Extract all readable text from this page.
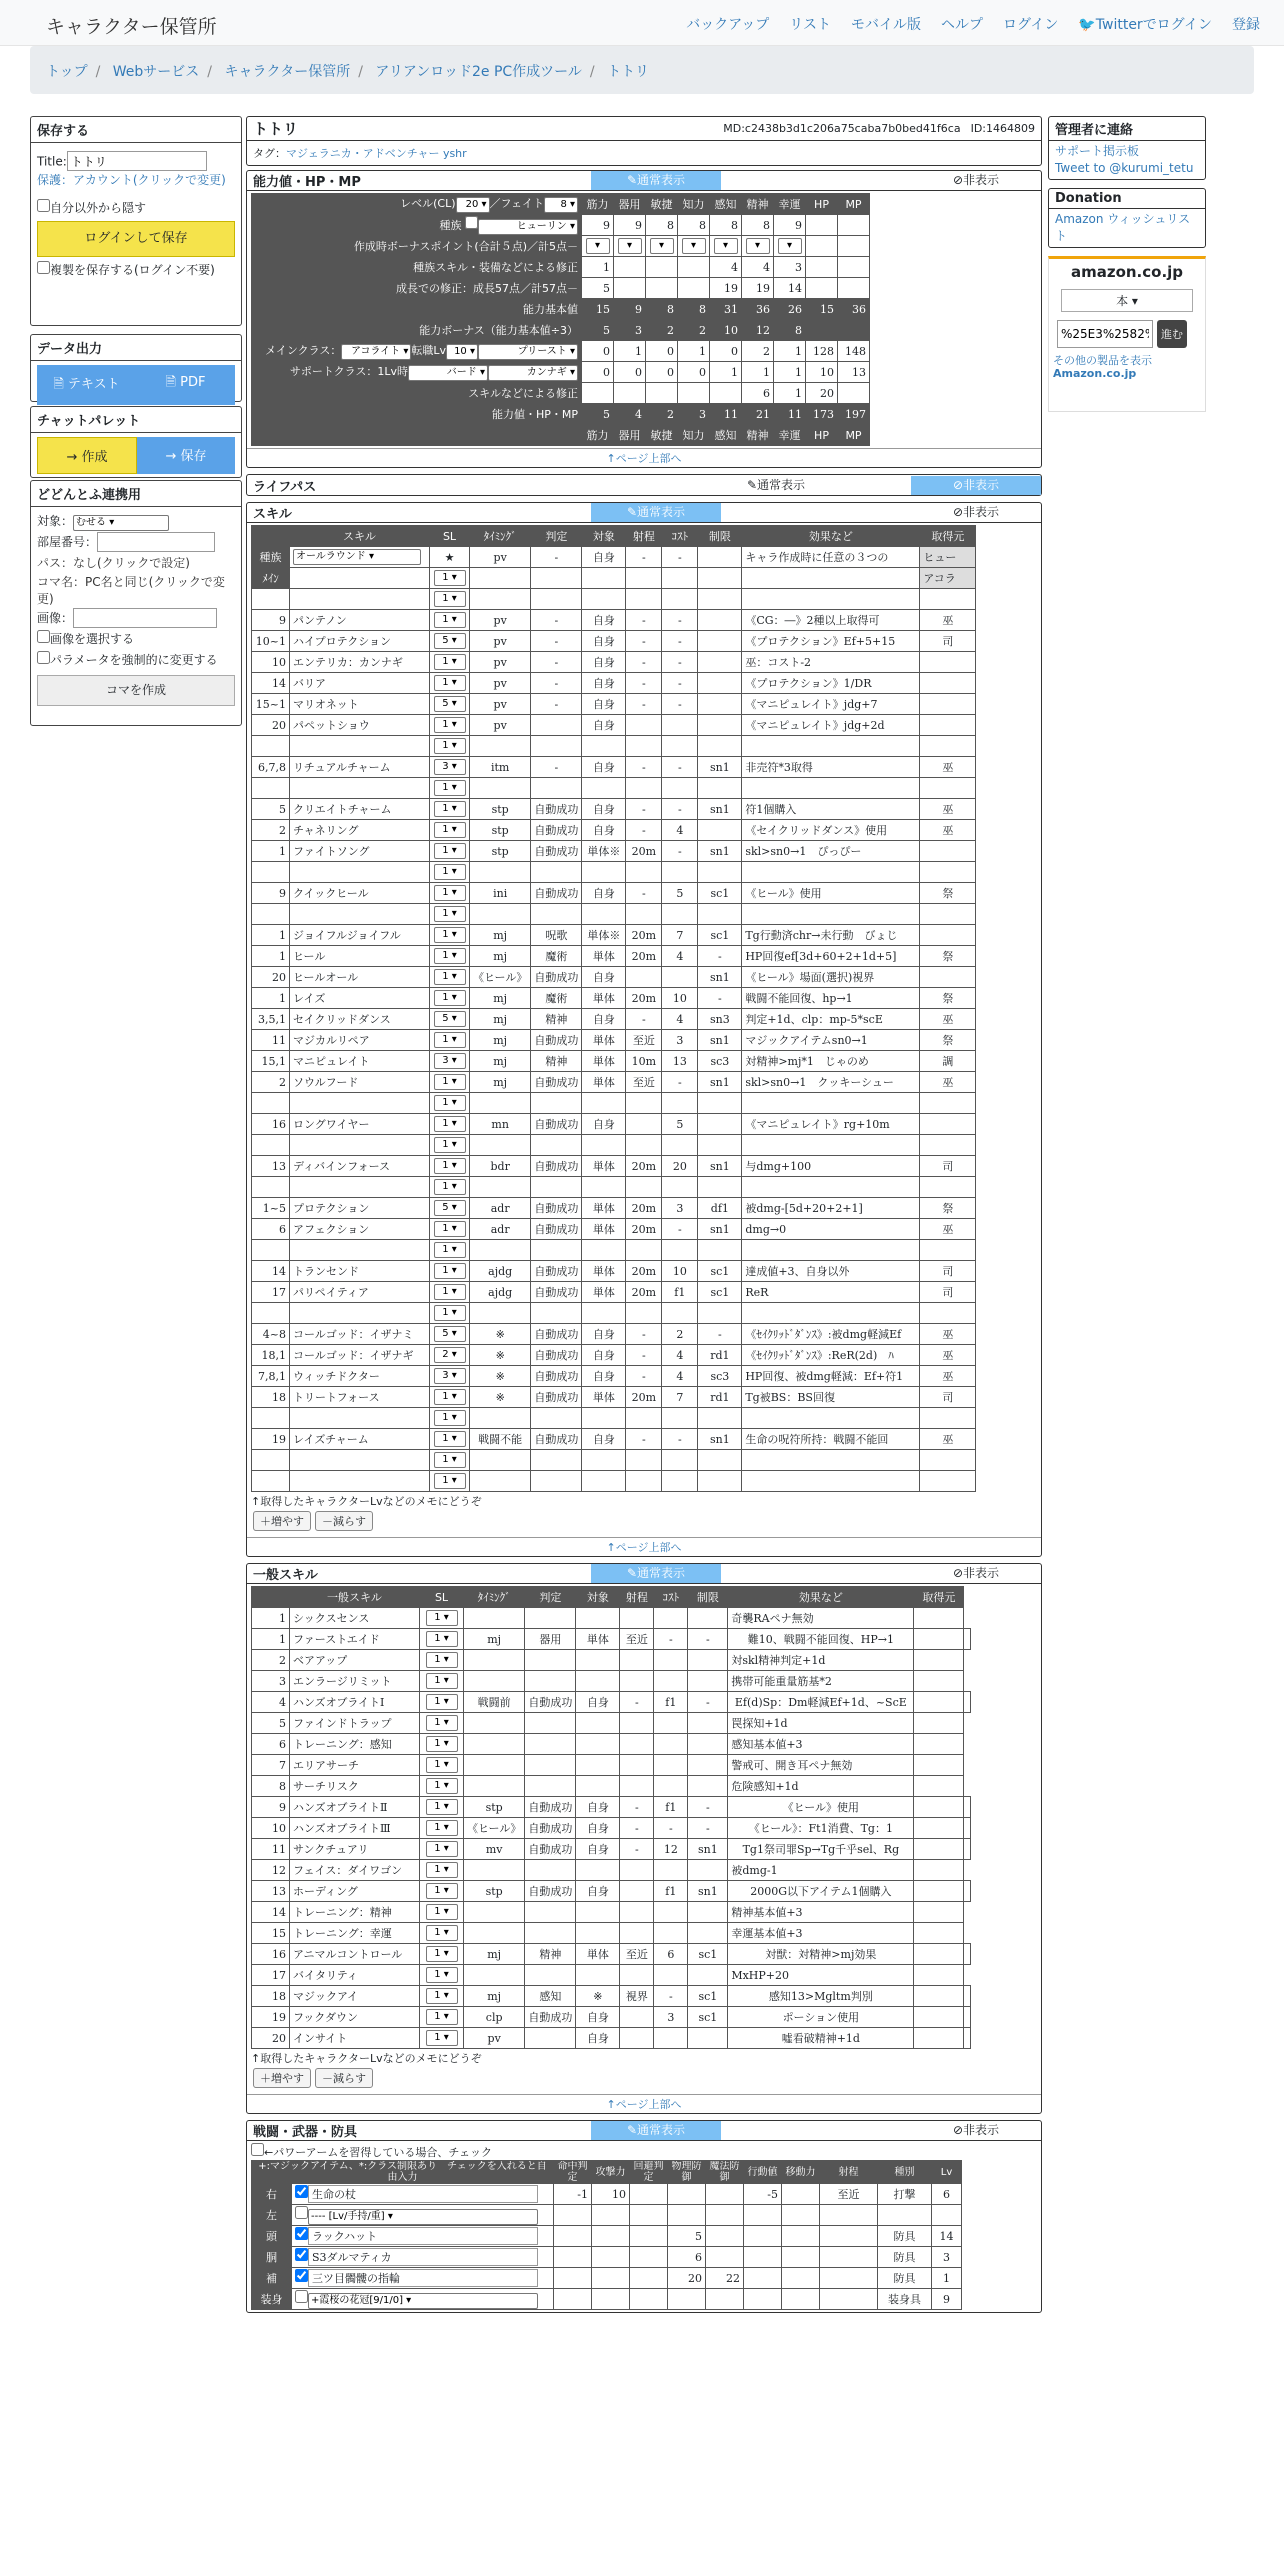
キャラクター保管所	バックアップ リスト モバイル版 ヘルプ ログイン 🐦Twitterでログイン 登録
トップ / Webサービス / キャラクター保管所 / アリアンロッド2e PC作成ツール / トトリ
保存する
Title:トトリ
保護：アカウント(クリックで変更)
自分以外から隠す
ログインして保存
複製を保存する(ログイン不要)
データ出力
🗎 テキスト	🗎 PDF
チャットパレット
→ 作成	→ 保存
どどんとふ連携用
対象： むせる ▾
部屋番号：
パス：なし(クリックで設定)
コマ名：PC名と同じ(クリックで変更)
画像：
画像を選択する
パラメータを強制的に変更する
コマを作成
トトリ	MD:c2438b3d1c206a75caba7b0bed41f6ca ID:1464809
タグ：マジェラニカ・アドベンチャー yshr
能力値・HP・MP	✎通常表示	⊘非表示
レベル(CL) 20 ▾ ／フェイト 8 ▾	筋力	器用	敏捷	知力	感知	精神	幸運	HP	MP
種族 ヒューリン ▾	9	9	8	8	8	8	9		
作成時ボーナスポイント(合計５点)／計5点－	▾	▾	▾	▾	▾	▾	▾		
種族スキル・装備などによる修正	1				4	4	3		
成長での修正：成長57点／計57点－	5				19	19	14		
能力基本値	15	9	8	8	31	36	26	15	36
能力ボーナス（能力基本値÷3）	5	3	2	2	10	12	8		
メインクラス： アコライト ▾ 転職Lv 10 ▾ プリースト ▾	0	1	0	1	0	2	1	128	148
サポートクラス：1Lv時 バード ▾ カンナギ ▾	0	0	0	0	1	1	1	10	13
スキルなどによる修正						6	1	20	
能力値・HP・MP	5	4	2	3	11	21	11	173	197
	筋力	器用	敏捷	知力	感知	精神	幸運	HP	MP
↑ページ上部へ
ライフパス	✎通常表示	⊘非表示
スキル	✎通常表示	⊘非表示
	スキル	SL	ﾀｲﾐﾝｸﾞ	判定	対象	射程	ｺｽﾄ	制限	効果など	取得元
種族	オールラウンド ▾	★	pv	-	自身	-	-		キャラ作成時に任意の３つの	ヒュー
ﾒｲﾝ		1 ▾								アコラ
		1 ▾								
9	パンテノン	1 ▾	pv	-	自身	-	-		《CG：―》2種以上取得可	巫
10~1	ハイプロテクション	5 ▾	pv	-	自身	-	-		《プロテクション》Ef+5+15	司
10	エンテリカ：カンナギ	1 ▾	pv	-	自身	-	-		巫：コスト-2	
14	バリア	1 ▾	pv	-	自身	-	-		《プロテクション》1/DR	
15~1	マリオネット	5 ▾	pv	-	自身	-	-		《マニピュレイト》jdg+7	
20	パペットショウ	1 ▾	pv		自身				《マニピュレイト》jdg+2d	
		1 ▾								
6,7,8	リチュアルチャーム	3 ▾	itm	-	自身	-	-	sn1	非売符*3取得	巫
		1 ▾								
5	クリエイトチャーム	1 ▾	stp	自動成功	自身	-	-	sn1	符1個購入	巫
2	チャネリング	1 ▾	stp	自動成功	自身	-	4		《セイクリッドダンス》使用	巫
1	ファイトソング	1 ▾	stp	自動成功	単体※	20m	-	sn1	skl>sn0→1　ぴっぴー	
		1 ▾								
9	クイックヒール	1 ▾	ini	自動成功	自身	-	5	sc1	《ヒール》使用	祭
		1 ▾								
1	ジョイフルジョイフル	1 ▾	mj	呪歌	単体※	20m	7	sc1	Tg行動済chr→未行動　びょじ	
1	ヒール	1 ▾	mj	魔術	単体	20m	4	-	HP回復ef[3d+60+2+1d+5]	祭
20	ヒールオール	1 ▾	《ヒール》	自動成功	自身			sn1	《ヒール》場面(選択)視界	
1	レイズ	1 ▾	mj	魔術	単体	20m	10	-	戦闘不能回復、hp→1	祭
3,5,1	セイクリッドダンス	5 ▾	mj	精神	自身	-	4	sn3	判定+1d、clp：mp-5*scE	巫
11	マジカルリペア	1 ▾	mj	自動成功	単体	至近	3	sn1	マジックアイテムsn0→1	祭
15,1	マニピュレイト	3 ▾	mj	精神	単体	10m	13	sc3	対精神>mj*1　じゃのめ	調
2	ソウルフード	1 ▾	mj	自動成功	単体	至近	-	sn1	skl>sn0→1　クッキーシュー	巫
		1 ▾								
16	ロングワイヤー	1 ▾	mn	自動成功	自身		5		《マニピュレイト》rg+10m	
		1 ▾								
13	ディバインフォース	1 ▾	bdr	自動成功	単体	20m	20	sn1	与dmg+100	司
		1 ▾								
1~5	プロテクション	5 ▾	adr	自動成功	単体	20m	3	df1	被dmg-[5d+20+2+1]	祭
6	アフェクション	1 ▾	adr	自動成功	単体	20m	-	sn1	dmg→0	巫
		1 ▾								
14	トランセンド	1 ▾	ajdg	自動成功	単体	20m	10	sc1	達成値+3、自身以外	司
17	パリペイティア	1 ▾	ajdg	自動成功	単体	20m	f1	sc1	ReR	司
		1 ▾								
4~8	コールゴッド：イザナミ	5 ▾	※	自動成功	自身	-	2	-	《ｾｲｸﾘｯﾄﾞﾀﾞﾝｽ》:被dmg軽減Ef	巫
18,1	コールゴッド：イザナギ	2 ▾	※	自動成功	自身	-	4	rd1	《ｾｲｸﾘｯﾄﾞﾀﾞﾝｽ》:ReR(2d)　ﾊ	巫
7,8,1	ウィッチドクター	3 ▾	※	自動成功	自身	-	4	sc3	HP回復、被dmg軽減：Ef+符1	巫
18	トリートフォース	1 ▾	※	自動成功	単体	20m	7	rd1	Tg被BS：BS回復	司
		1 ▾								
19	レイズチャーム	1 ▾	戦闘不能	自動成功	自身	-	-	sn1	生命の呪符所持：戦闘不能回	巫
		1 ▾								
		1 ▾								
↑取得したキャラクターLvなどのメモにどうぞ
＋増やす －減らす
↑ページ上部へ
一般スキル	✎通常表示	⊘非表示
	一般スキル	SL	ﾀｲﾐﾝｸﾞ	判定	対象	射程	ｺｽﾄ	制限	効果など	取得元	
1	シックスセンス	1 ▾							奇襲RAペナ無効		
1	ファーストエイド	1 ▾	mj	器用	単体	至近	-	-	難10、戦闘不能回復、HP→1		
2	ベアアップ	1 ▾							対skl精神判定+1d		
3	エンラージリミット	1 ▾							携帯可能重量筋基*2		
4	ハンズオブライトⅠ	1 ▾	戦闘前	自動成功	自身	-	f1	-	Ef(d)Sp：Dm軽減Ef+1d、~ScE		
5	ファインドトラップ	1 ▾							罠探知+1d		
6	トレーニング：感知	1 ▾							感知基本値+3		
7	エリアサーチ	1 ▾							警戒可、開き耳ペナ無効		
8	サーチリスク	1 ▾							危険感知+1d		
9	ハンズオブライトⅡ	1 ▾	stp	自動成功	自身	-	f1	-	《ヒール》使用		
10	ハンズオブライトⅢ	1 ▾	《ヒール》	自動成功	自身	-	-	-	《ヒール》：Ft1消費、Tg：1		
11	サンクチュアリ	1 ▾	mv	自動成功	自身	-	12	sn1	Tg1祭司罪Sp→Tg千乎sel、Rg		
12	フェイス：ダイワゴン	1 ▾							被dmg-1		
13	ホーディング	1 ▾	stp	自動成功	自身		f1	sn1	2000G以下アイテム1個購入		
14	トレーニング：精神	1 ▾							精神基本値+3		
15	トレーニング：幸運	1 ▾							幸運基本値+3		
16	アニマルコントロール	1 ▾	mj	精神	単体	至近	6	sc1	対獣：対精神>mj効果		
17	バイタリティ	1 ▾							MxHP+20		
18	マジックアイ	1 ▾	mj	感知	※	視界	-	sc1	感知13>Mgltm判別		
19	フックダウン	1 ▾	clp	自動成功	自身		3	sc1	ポーション使用		
20	インサイト	1 ▾	pv		自身				噓看破精神+1d		
↑取得したキャラクターLvなどのメモにどうぞ
＋増やす －減らす
↑ページ上部へ
戦闘・武器・防具	✎通常表示	⊘非表示
←パワーアームを習得している場合、チェック
+:マジックアイテム、*:クラス制限あり　チェックを入れると自由入力		命中判定	攻撃力	回避判定	物理防御	魔法防御	行動値	移動力	射程	種別	Lv
右	生命の杖	-1	10				-5		至近	打撃	6
左	---- [Lv/手持/重] ▾										
頭	ラックハット				5					防具	14
胴	S3ダルマティカ				6					防具	3
補	三ツ目髑髏の指輪				20	22				防具	1
装身	+霞桜の花冠[9/1/0] ▾									装身具	9
管理者に連絡
サポート掲示板
Tweet to @kurumi_tetu
Donation
Amazon ウィッシュリスト
amazon.co.jp
本 ▾
%25E3%2582%
進む
その他の製品を表示
Amazon.co.jp
